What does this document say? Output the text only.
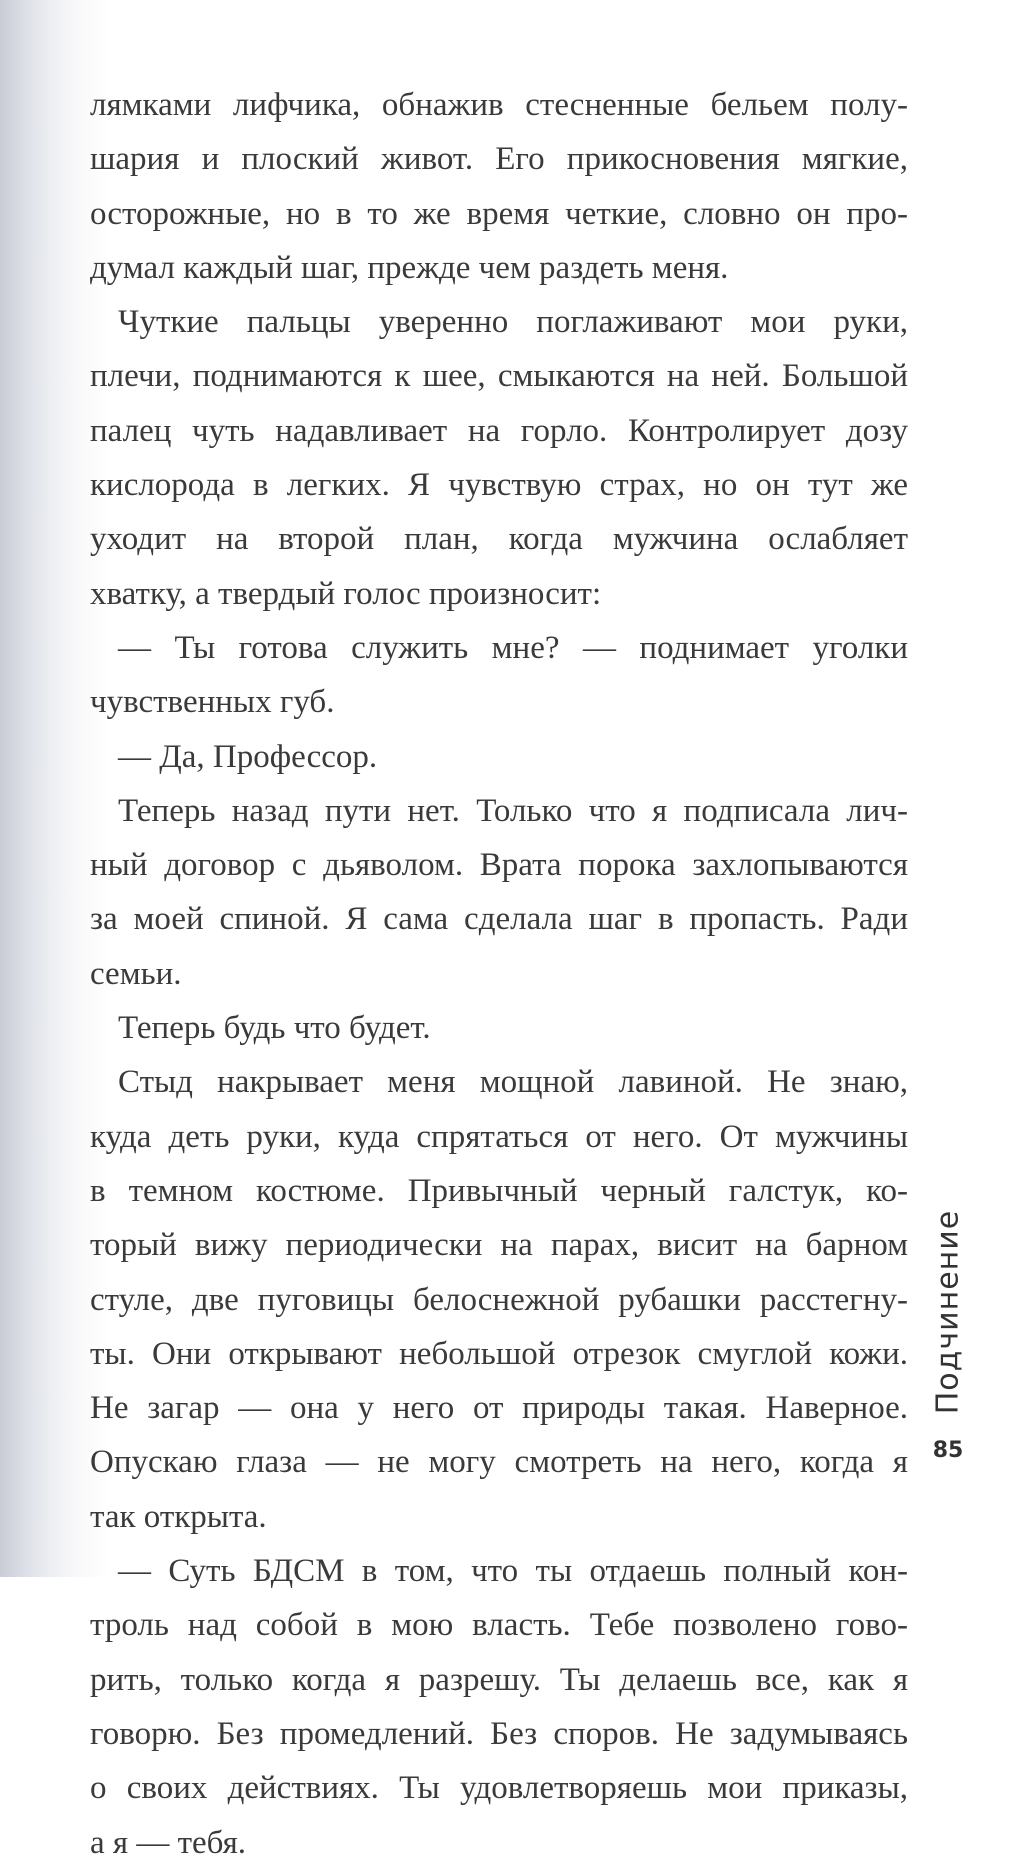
лямками лифчика, обнажив стесненные бельем полу-
шария и плоский живот. Его прикосновения мягкие,
осторожные, но в то же время четкие, словно он про-
думал каждый шаг, прежде чем раздеть меня.
Чуткие пальцы уверенно поглаживают мои руки,
плечи, поднимаются к шее, смыкаются на ней. Большой
палец чуть надавливает на горло. Контролирует дозу
кислорода в легких. Я чувствую страх, но он тут же
уходит на второй план, когда мужчина ослабляет
хватку, а твердый голос произносит:
— Ты готова служить мне? — поднимает уголки
чувственных губ.
— Да, Профессор.
Теперь назад пути нет. Только что я подписала лич-
ный договор с дьяволом. Врата порока захлопываются
за моей спиной. Я сама сделала шаг в пропасть. Ради
семьи.
Теперь будь что будет.
Стыд накрывает меня мощной лавиной. Не знаю,
куда деть руки, куда спрятаться от него. От мужчины
в темном костюме. Привычный черный галстук, ко-
торый вижу периодически на парах, висит на барном
стуле, две пуговицы белоснежной рубашки расстегну-
ты. Они открывают небольшой отрезок смуглой кожи.
Не загар — она у него от природы такая. Наверное.
Опускаю глаза — не могу смотреть на него, когда я
так открыта.
— Суть БДСМ в том, что ты отдаешь полный кон-
троль над собой в мою власть. Тебе позволено гово-
рить, только когда я разрешу. Ты делаешь все, как я
говорю. Без промедлений. Без споров. Не задумываясь
о своих действиях. Ты удовлетворяешь мои приказы,
а я — тебя.
Подчинение
85
